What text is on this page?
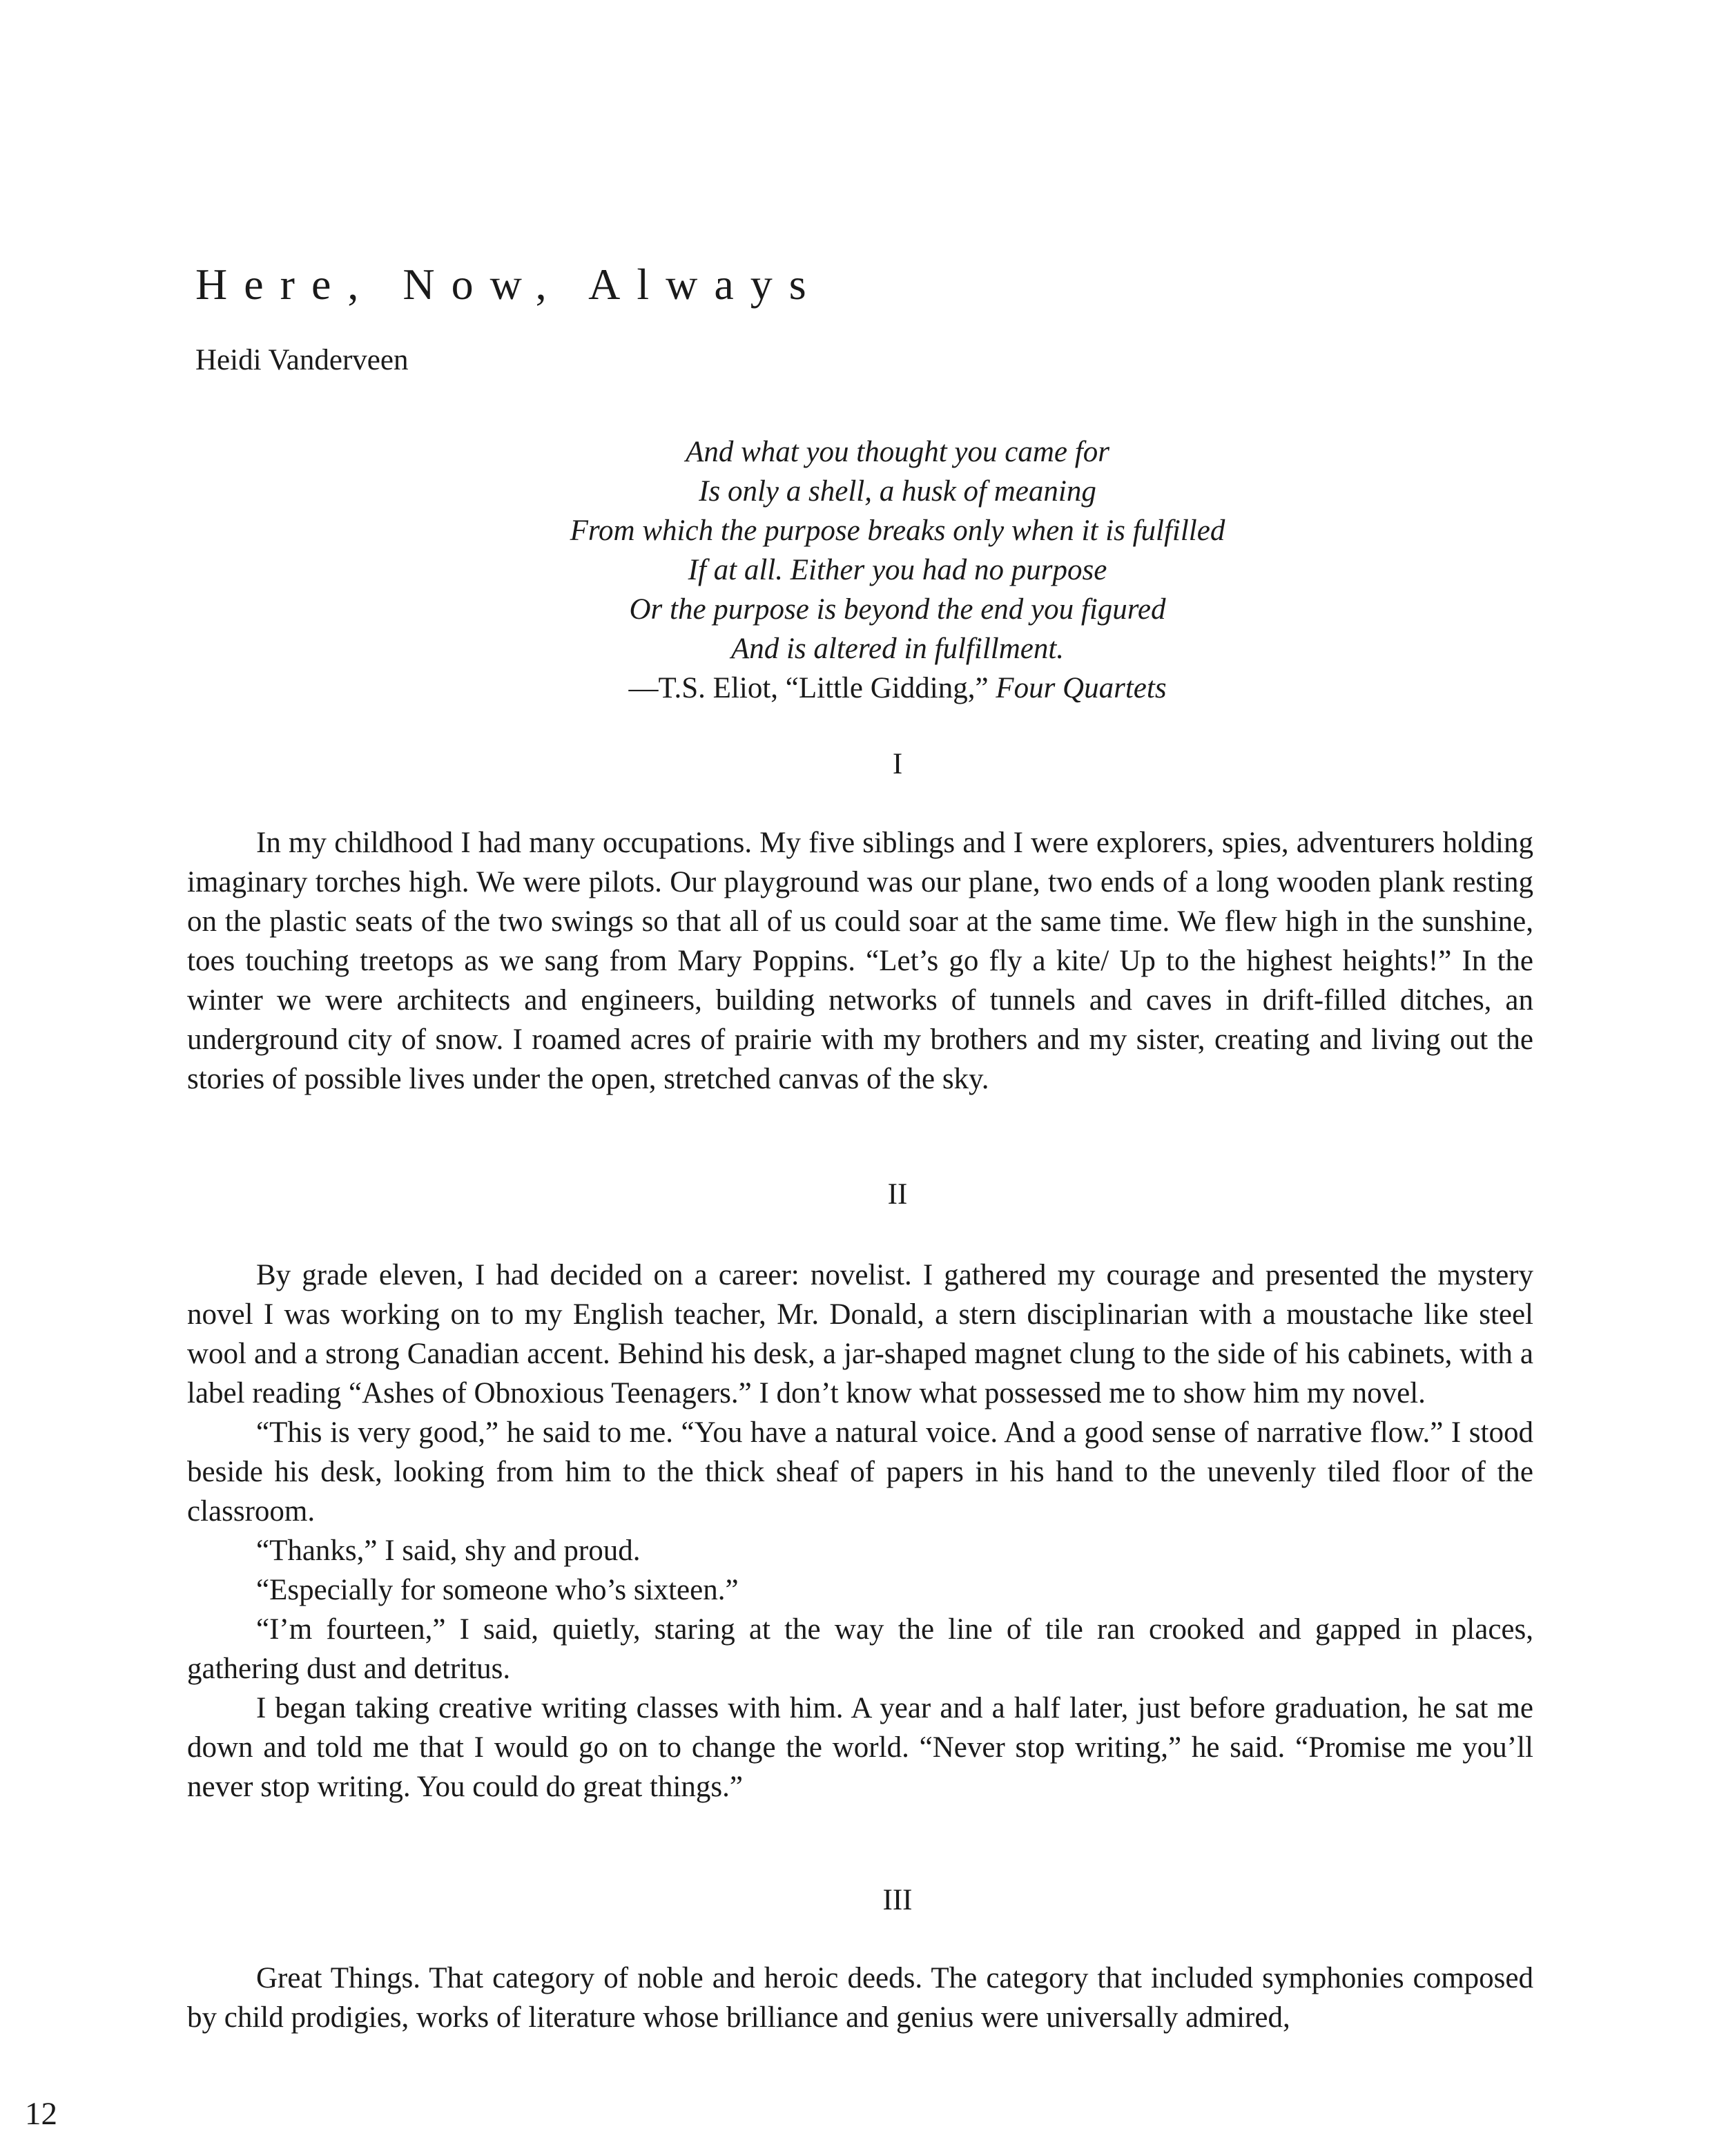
Here, Now, Always
Heidi Vanderveen
And what you thought you came for
Is only a shell, a husk of meaning
From which the purpose breaks only when it is fulfilled
If at all. Either you had no purpose
Or the purpose is beyond the end you figured
And is altered in fulfillment.
—T.S. Eliot, “Little Gidding,” Four Quartets
I

In my childhood I had many occupations. My five siblings and I were explorers, spies, adventurers holding imaginary torches high. We were pilots. Our playground was our plane, two ends of a long wooden plank resting on the plastic seats of the two swings so that all of us could soar at the same time. We flew high in the sunshine, toes touching treetops as we sang from Mary Poppins. “Let’s go fly a kite/ Up to the highest heights!” In the winter we were architects and engineers, building networks of tunnels and caves in drift-filled ditches, an underground city of snow. I roamed acres of prairie with my brothers and my sister, creating and living out the stories of possible lives under the open, stretched canvas of the sky.

II

By grade eleven, I had decided on a career: novelist. I gathered my courage and presented the mystery novel I was working on to my English teacher, Mr. Donald, a stern disciplinarian with a moustache like steel wool and a strong Canadian accent. Behind his desk, a jar-shaped magnet clung to the side of his cabinets, with a label reading “Ashes of Obnoxious Teenagers.” I don’t know what possessed me to show him my novel.

“This is very good,” he said to me. “You have a natural voice. And a good sense of narrative flow.” I stood beside his desk, looking from him to the thick sheaf of papers in his hand to the unevenly tiled floor of the classroom.

“Thanks,” I said, shy and proud.

“Especially for someone who’s sixteen.”

“I’m fourteen,” I said, quietly, staring at the way the line of tile ran crooked and gapped in places, gathering dust and detritus.

I began taking creative writing classes with him. A year and a half later, just before graduation, he sat me down and told me that I would go on to change the world. “Never stop writing,” he said. “Promise me you’ll never stop writing. You could do great things.”

III

Great Things. That category of noble and heroic deeds. The category that included symphonies composed by child prodigies, works of literature whose brilliance and genius were universally admired,

12
